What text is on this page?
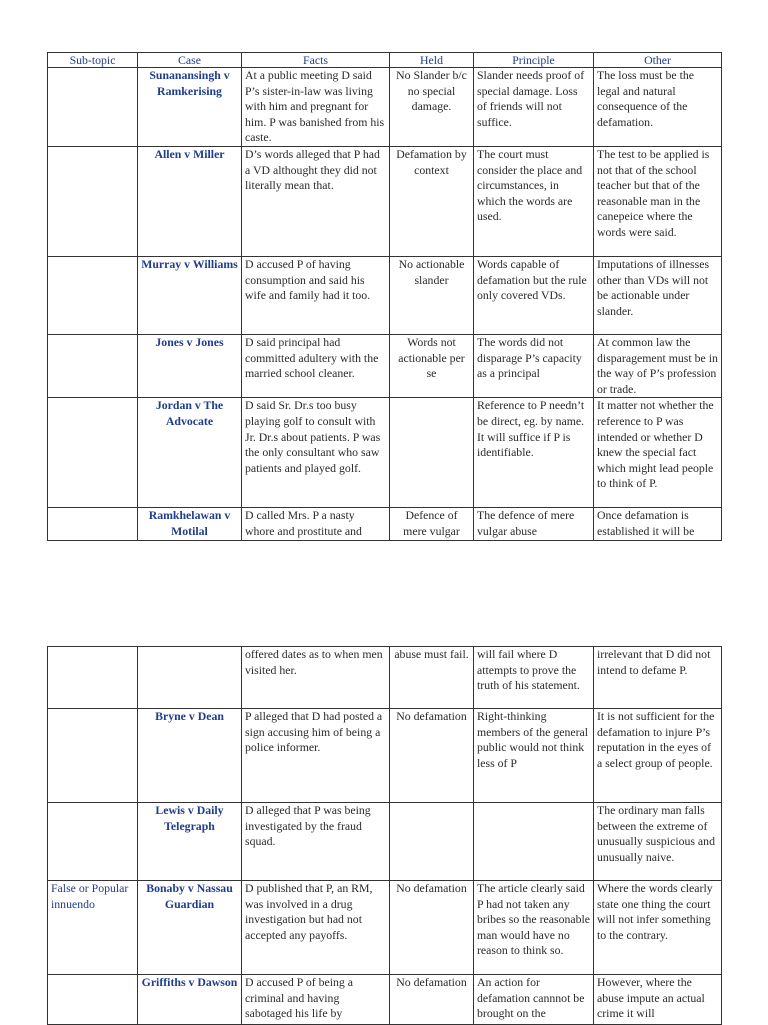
Sub-topic	Case	Facts	Held	Principle	Other
	Sunanansingh v Ramkerising	At a public meeting D said P’s sister-in-law was living with him and pregnant for him. P was banished from his caste.	No Slander b/c no special damage.	Slander needs proof of special damage. Loss of friends will not suffice.	The loss must be the legal and natural consequence of the defamation.
	Allen v Miller	D’s words alleged that P had a VD althought they did not literally mean that.	Defamation by context	The court must consider the place and circumstances, in which the words are used.	The test to be applied is not that of the school teacher but that of the reasonable man in the canepeice where the words were said.
	Murray v Williams	D accused P of having consumption and said his wife and family had it too.	No actionable slander	Words capable of defamation but the rule only covered VDs.	Imputations of illnesses other than VDs will not be actionable under slander.
	Jones v Jones	D said principal had committed adultery with the married school cleaner.	Words not actionable per se	The words did not disparage P’s capacity as a principal	At common law the disparagement must be in the way of P’s profession or trade.
	Jordan v The Advocate	D said Sr. Dr.s too busy playing golf to consult with Jr. Dr.s about patients. P was the only consultant who saw patients and played golf.		Reference to P needn’t be direct, eg. by name. It will suffice if P is identifiable.	It matter not whether the reference to P was intended or whether D knew the special fact which might lead people to think of P.
	Ramkhelawan v Motilal	D called Mrs. P a nasty whore and prostitute and	Defence of mere vulgar	The defence of mere vulgar abuse	Once defamation is established it will be
		offered dates as to when men visited her.	abuse must fail.	will fail where D attempts to prove the truth of his statement.	irrelevant that D did not intend to defame P.
	Bryne v Dean	P alleged that D had posted a sign accusing him of being a police informer.	No defamation	Right-thinking members of the general public would not think less of P	It is not sufficient for the defamation to injure P’s reputation in the eyes of a select group of people.
	Lewis v Daily Telegraph	D alleged that P was being investigated by the fraud squad.			The ordinary man falls between the extreme of unusually suspicious and unusually naive.
False or Popular innuendo	Bonaby v Nassau Guardian	D published that P, an RM, was involved in a drug investigation but had not accepted any payoffs.	No defamation	The article clearly said P had not taken any bribes so the reasonable man would have no reason to think so.	Where the words clearly state one thing the court will not infer something to the contrary.
	Griffiths v Dawson	D accused P of being a criminal and having sabotaged his life by	No defamation	An action for defamation cannnot be brought on the	However, where the abuse impute an actual crime it will
